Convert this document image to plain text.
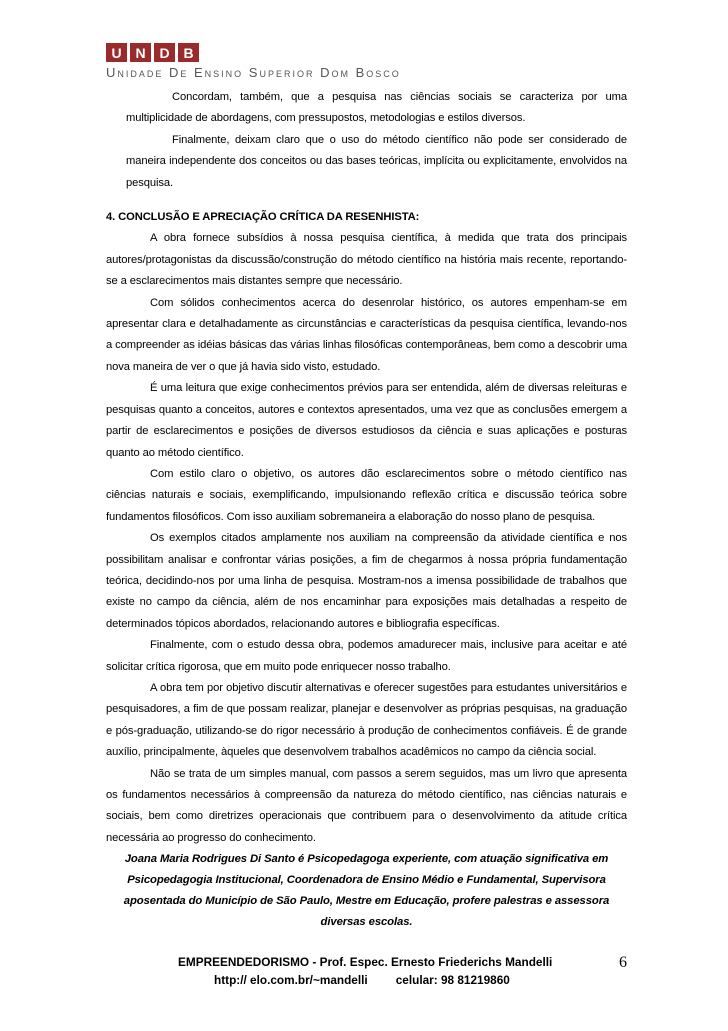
U N D B
Unidade De Ensino Superior Dom Bosco

Concordam, também, que a pesquisa nas ciências sociais se caracteriza por uma multiplicidade de abordagens, com pressupostos, metodologias e estilos diversos.

Finalmente, deixam claro que o uso do método científico não pode ser considerado de maneira independente dos conceitos ou das bases teóricas, implícita ou explicitamente, envolvidos na pesquisa.

4. CONCLUSÃO E APRECIAÇÃO CRÍTICA DA RESENHISTA:

A obra fornece subsídios à nossa pesquisa científica, à medida que trata dos principais autores/protagonistas da discussão/construção do método científico na história mais recente, reportando-se a esclarecimentos mais distantes sempre que necessário.

Com sólidos conhecimentos acerca do desenrolar histórico, os autores empenham-se em apresentar clara e detalhadamente as circunstâncias e características da pesquisa científica, levando-nos a compreender as idéias básicas das várias linhas filosóficas contemporâneas, bem como a descobrir uma nova maneira de ver o que já havia sido visto, estudado.

É uma leitura que exige conhecimentos prévios para ser entendida, além de diversas releituras e pesquisas quanto a conceitos, autores e contextos apresentados, uma vez que as conclusões emergem a partir de esclarecimentos e posições de diversos estudiosos da ciência e suas aplicações e posturas quanto ao método científico.

Com estilo claro o objetivo, os autores dão esclarecimentos sobre o método científico nas ciências naturais e sociais, exemplificando, impulsionando reflexão crítica e discussão teórica sobre fundamentos filosóficos. Com isso auxiliam sobremaneira a elaboração do nosso plano de pesquisa.

Os exemplos citados amplamente nos auxiliam na compreensão da atividade científica e nos possibilitam analisar e confrontar várias posições, a fim de chegarmos à nossa própria fundamentação teórica, decidindo-nos por uma linha de pesquisa. Mostram-nos a imensa possibilidade de trabalhos que existe no campo da ciência, além de nos encaminhar para exposições mais detalhadas a respeito de determinados tópicos abordados, relacionando autores e bibliografia específicas.

Finalmente, com o estudo dessa obra, podemos amadurecer mais, inclusive para aceitar e até solicitar crítica rigorosa, que em muito pode enriquecer nosso trabalho.

A obra tem por objetivo discutir alternativas e oferecer sugestões para estudantes universitários e pesquisadores, a fim de que possam realizar, planejar e desenvolver as próprias pesquisas, na graduação e pós-graduação, utilizando-se do rigor necessário à produção de conhecimentos confiáveis. É de grande auxílio, principalmente, àqueles que desenvolvem trabalhos acadêmicos no campo da ciência social.

Não se trata de um simples manual, com passos a serem seguidos, mas um livro que apresenta os fundamentos necessários à compreensão da natureza do método científico, nas ciências naturais e sociais, bem como diretrizes operacionais que contribuem para o desenvolvimento da atitude crítica necessária ao progresso do conhecimento.

Joana Maria Rodrigues Di Santo é Psicopedagoga experiente, com atuação significativa em Psicopedagogia Institucional, Coordenadora de Ensino Médio e Fundamental, Supervisora aposentada do Município de São Paulo, Mestre em Educação, profere palestras e assessora diversas escolas.

EMPREENDEDORISMO - Prof. Espec. Ernesto Friederichs Mandelli
http:// elo.com.br/~mandelli celular: 98 81219860
6
